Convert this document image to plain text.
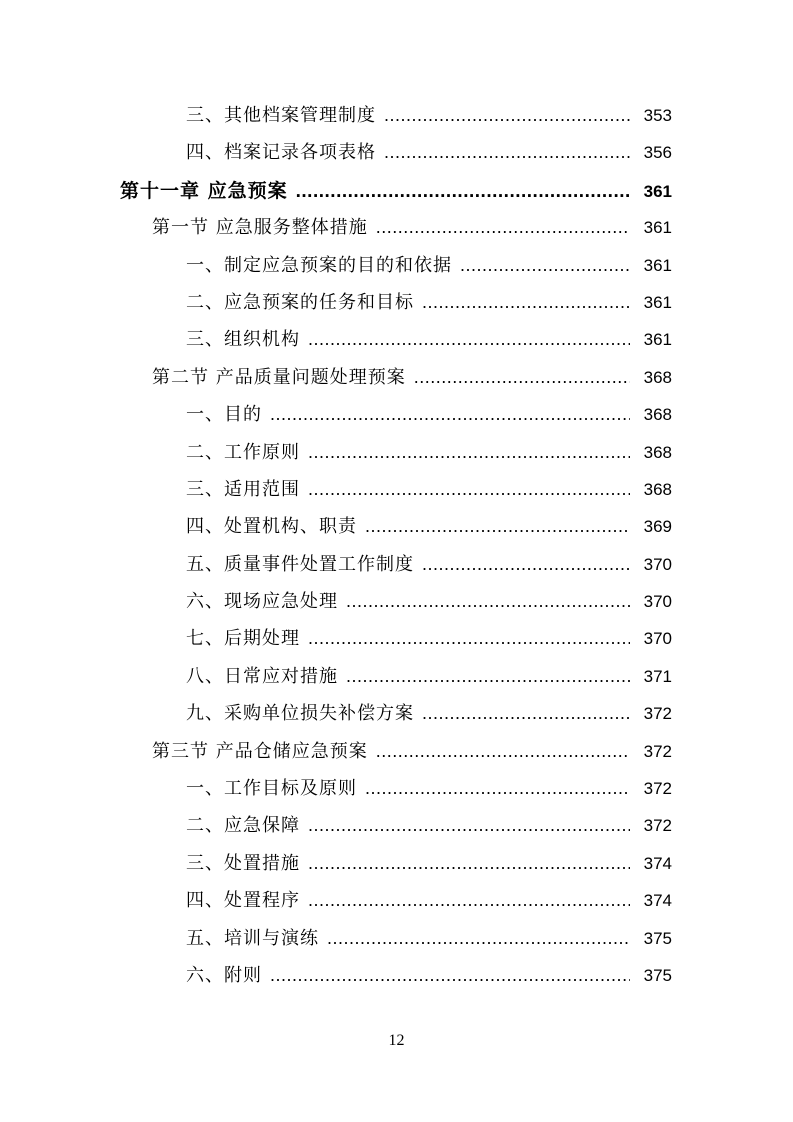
三、其他档案管理制度 .....	353
四、档案记录各项表格 .....	356
第十一章 应急预案 .....	361
第一节 应急服务整体措施 .....	361
一、制定应急预案的目的和依据 .....	361
二、应急预案的任务和目标 .....	361
三、组织机构 .....	361
第二节 产品质量问题处理预案 .....	368
一、目的 .....	368
二、工作原则 .....	368
三、适用范围 .....	368
四、处置机构、职责 .....	369
五、质量事件处置工作制度 .....	370
六、现场应急处理 .....	370
七、后期处理 .....	370
八、日常应对措施 .....	371
九、采购单位损失补偿方案 .....	372
第三节 产品仓储应急预案 .....	372
一、工作目标及原则 .....	372
二、应急保障 .....	372
三、处置措施 .....	374
四、处置程序 .....	374
五、培训与演练 .....	375
六、附则 .....	375
12
